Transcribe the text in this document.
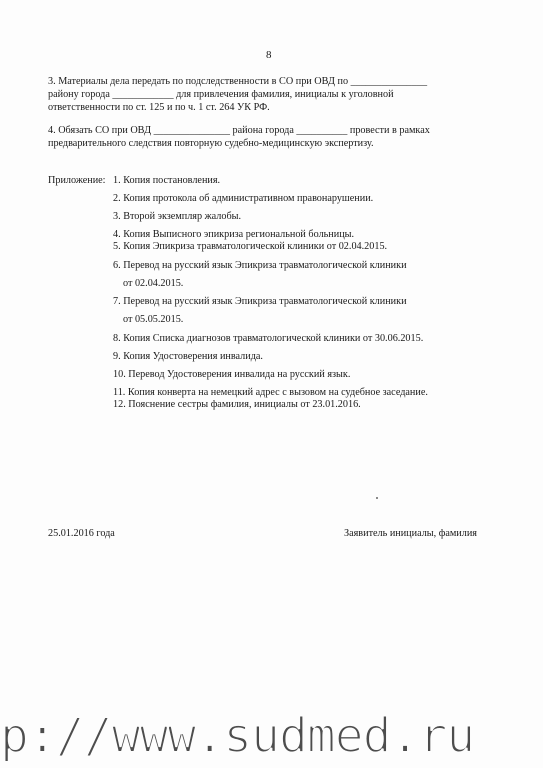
8
3. Материалы дела передать по подследственности в СО при ОВД по _______________
району города ____________ для привлечения фамилия, инициалы к уголовной
ответственности по ст. 125 и по ч. 1 ст. 264 УК РФ.
4. Обязать СО при ОВД _______________ района города __________ провести в рамках
предварительного следствия повторную судебно-медицинскую экспертизу.
Приложение: 1. Копия постановления.
2. Копия протокола об административном правонарушении.
3. Второй экземпляр жалобы.
4. Копия Выписного эпикриза региональной больницы.
5. Копия Эпикриза травматологической клиники от 02.04.2015.
6. Перевод на русский язык Эпикриза травматологической клиники
от 02.04.2015.
7. Перевод на русский язык Эпикриза травматологической клиники
от 05.05.2015.
8. Копия Списка диагнозов травматологической клиники от 30.06.2015.
9. Копия Удостоверения инвалида.
10. Перевод Удостоверения инвалида на русский язык.
11. Копия конверта на немецкий адрес с вызовом на судебное заседание.
12. Пояснение сестры фамилия, инициалы от 23.01.2016.
25.01.2016 года	Заявитель инициалы, фамилия
p://www.sudmed.ru
